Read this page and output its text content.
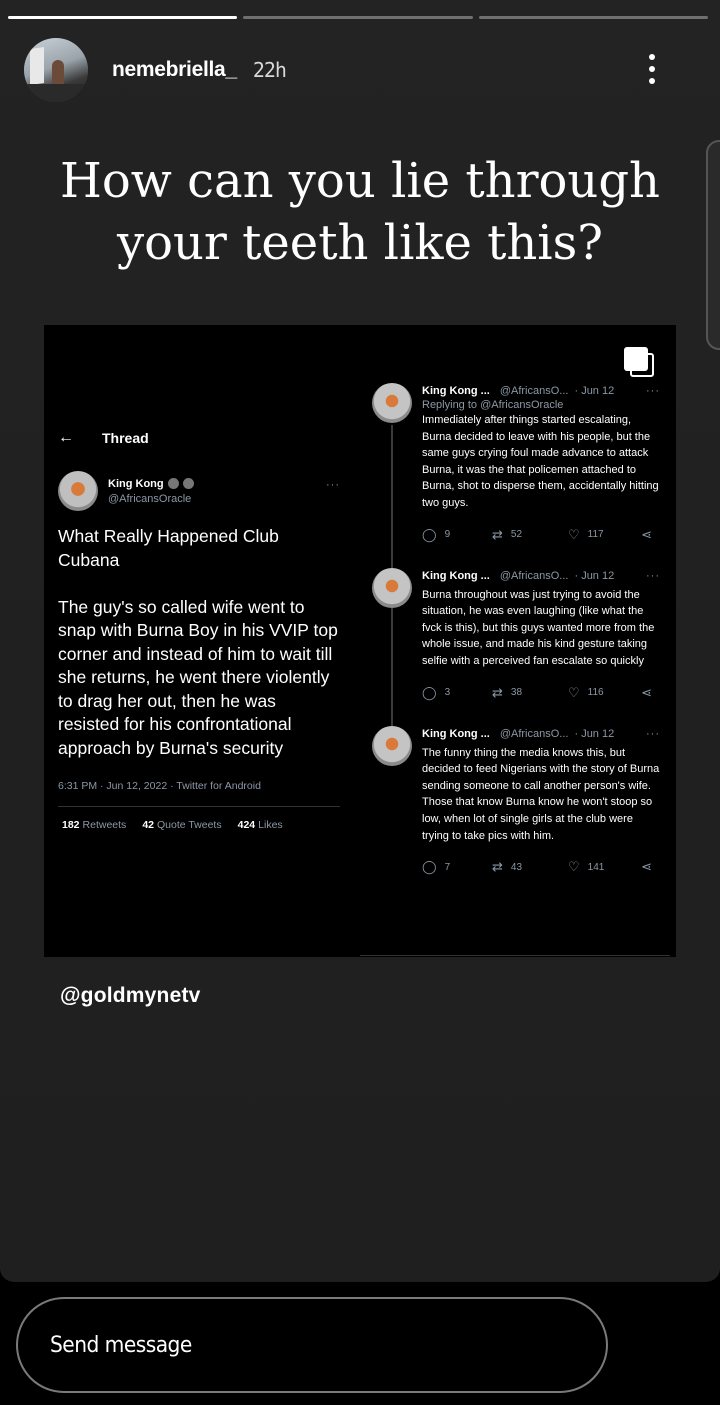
nemebriella_ 22h
How can you lie through
your teeth like this?
←	Thread
King Kong
@AfricansOracle
···
What Really Happened Club Cubana

The guy's so called wife went to snap with Burna Boy in his VVIP top corner and instead of him to wait till she returns, he went there violently to drag her out, then he was resisted for his confrontational approach by Burna's security
6:31 PM · Jun 12, 2022 · Twitter for Android
182 Retweets 42 Quote Tweets 424 Likes
King Kong ... @AfricansO... · Jun 12	···
Replying to @AfricansOracle
Immediately after things started escalating, Burna decided to leave with his people, but the same guys crying foul made advance to attack Burna, it was the that policemen attached to Burna, shot to disperse them, accidentally hitting two guys.
◯ 9	⇄ 52	♡ 117	⋖
King Kong ... @AfricansO... · Jun 12	···
Burna throughout was just trying to avoid the situation, he was even laughing (like what the fvck is this), but this guys wanted more from the whole issue, and made his kind gesture taking selfie with a perceived fan escalate so quickly
◯ 3	⇄ 38	♡ 116	⋖
King Kong ... @AfricansO... · Jun 12	···
The funny thing the media knows this, but decided to feed Nigerians with the story of Burna sending someone to call another person's wife. Those that know Burna know he won't stoop so low, when lot of single girls at the club were trying to take pics with him.
◯ 7	⇄ 43	♡ 141	⋖
@goldmynetv
Send message
